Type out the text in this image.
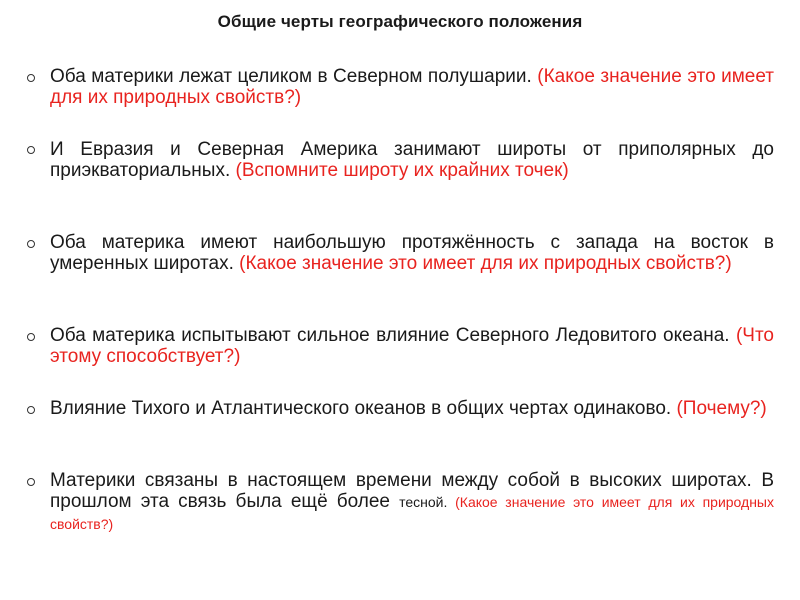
Общие черты географического положения
Оба материки лежат целиком в Северном полушарии. (Какое значение это имеет для их природных свойств?)
И Евразия и Северная Америка занимают широты от приполярных до приэкваториальных. (Вспомните широту их крайних точек)
Оба материка имеют наибольшую протяжённость с запада на восток в умеренных широтах. (Какое значение это имеет для их природных свойств?)
Оба материка испытывают сильное влияние Северного Ледовитого океана. (Что этому способствует?)
Влияние Тихого и Атлантического океанов в общих чертах одинаково. (Почему?)
Материки связаны в настоящем времени между собой в высоких широтах. В прошлом эта связь была ещё более тесной. (Какое значение это имеет для их природных свойств?)
